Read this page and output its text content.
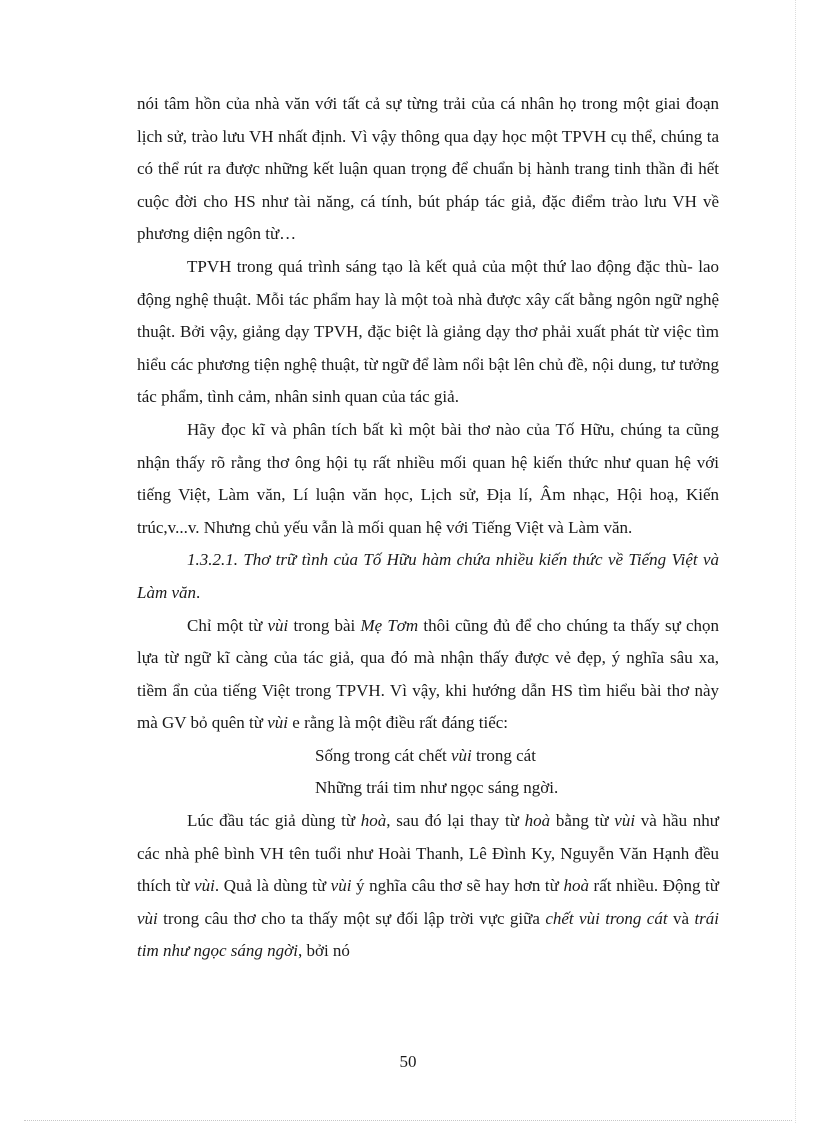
nói tâm hồn của nhà văn với tất cả sự từng trải của cá nhân họ trong một giai đoạn lịch sử, trào lưu VH nhất định. Vì vậy thông qua dạy học một TPVH cụ thể, chúng ta có thể rút ra được những kết luận quan trọng để chuẩn bị hành trang tinh thần đi hết cuộc đời cho HS như tài năng, cá tính, bút pháp tác giả, đặc điểm trào lưu VH về phương diện ngôn từ…

TPVH trong quá trình sáng tạo là kết quả của một thứ lao động đặc thù- lao động nghệ thuật. Mỗi tác phẩm hay là một toà nhà được xây cất bằng ngôn ngữ nghệ thuật. Bởi vậy, giảng dạy TPVH, đặc biệt là giảng dạy thơ phải xuất phát từ việc tìm hiểu các phương tiện nghệ thuật, từ ngữ để làm nổi bật lên chủ đề, nội dung, tư tưởng tác phẩm, tình cảm, nhân sinh quan của tác giả.

Hãy đọc kĩ và phân tích bất kì một bài thơ nào của Tố Hữu, chúng ta cũng nhận thấy rõ rằng thơ ông hội tụ rất nhiều mối quan hệ kiến thức như quan hệ với tiếng Việt, Làm văn, Lí luận văn học, Lịch sử, Địa lí, Âm nhạc, Hội hoạ, Kiến trúc,v...v. Nhưng chủ yếu vẫn là mối quan hệ với Tiếng Việt và Làm văn.

1.3.2.1. Thơ trữ tình của Tố Hữu hàm chứa nhiều kiến thức về Tiếng Việt và Làm văn.

Chỉ một từ vùi trong bài Mẹ Tơm thôi cũng đủ để cho chúng ta thấy sự chọn lựa từ ngữ kĩ càng của tác giả, qua đó mà nhận thấy được vẻ đẹp, ý nghĩa sâu xa, tiềm ẩn của tiếng Việt trong TPVH. Vì vậy, khi hướng dẫn HS tìm hiểu bài thơ này mà GV bỏ quên từ vùi e rằng là một điều rất đáng tiếc:

Sống trong cát chết vùi trong cát
Những trái tim như ngọc sáng ngời.

Lúc đầu tác giả dùng từ hoà, sau đó lại thay từ hoà bằng từ vùi và hầu như các nhà phê bình VH tên tuổi như Hoài Thanh, Lê Đình Ky, Nguyễn Văn Hạnh đều thích từ vùi. Quả là dùng từ vùi ý nghĩa câu thơ sẽ hay hơn từ hoà rất nhiều. Động từ vùi trong câu thơ cho ta thấy một sự đối lập trời vực giữa chết vùi trong cát và trái tim như ngọc sáng ngời, bởi nó

50
